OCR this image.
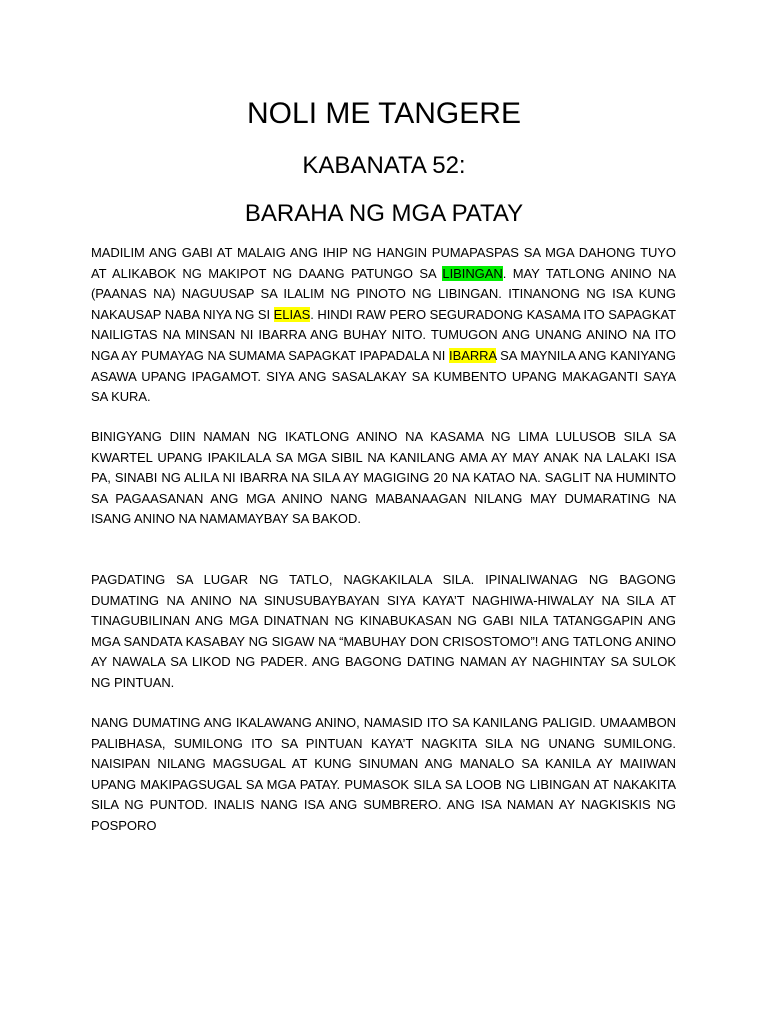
NOLI ME TANGERE
KABANATA 52:
BARAHA NG MGA PATAY

MADILIM ANG GABI AT MALAIG ANG IHIP NG HANGIN PUMAPASPAS SA MGA DAHONG TUYO AT ALIKABOK NG MAKIPOT NG DAANG PATUNGO SA LIBINGAN. MAY TATLONG ANINO NA (PAANAS NA) NAGUUSAP SA ILALIM NG PINOTO NG LIBINGAN. ITINANONG NG ISA KUNG NAKAUSAP NABA NIYA NG SI ELIAS. HINDI RAW PERO SEGURADONG KASAMA ITO SAPAGKAT NAILIGTAS NA MINSAN NI IBARRA ANG BUHAY NITO. TUMUGON ANG UNANG ANINO NA ITO NGA AY PUMAYAG NA SUMAMA SAPAGKAT IPAPADALA NI IBARRA SA MAYNILA ANG KANIYANG ASAWA UPANG IPAGAMOT. SIYA ANG SASALAKAY SA KUMBENTO UPANG MAKAGANTI SAYA SA KURA.

BINIGYANG DIIN NAMAN NG IKATLONG ANINO NA KASAMA NG LIMA LULUSOB SILA SA KWARTEL UPANG IPAKILALA SA MGA SIBIL NA KANILANG AMA AY MAY ANAK NA LALAKI ISA PA, SINABI NG ALILA NI IBARRA NA SILA AY MAGIGING 20 NA KATAO NA. SAGLIT NA HUMINTO SA PAGAASANAN ANG MGA ANINO NANG MABANAAGAN NILANG MAY DUMARATING NA ISANG ANINO NA NAMAMAYBAY SA BAKOD.

PAGDATING SA LUGAR NG TATLO, NAGKAKILALA SILA. IPINALIWANAG NG BAGONG DUMATING NA ANINO NA SINUSUBAYBAYAN SIYA KAYA’T NAGHIWA-HIWALAY NA SILA AT TINAGUBILINAN ANG MGA DINATNAN NG KINABUKASAN NG GABI NILA TATANGGAPIN ANG MGA SANDATA KASABAY NG SIGAW NA “MABUHAY DON CRISOSTOMO”! ANG TATLONG ANINO AY NAWALA SA LIKOD NG PADER. ANG BAGONG DATING NAMAN AY NAGHINTAY SA SULOK NG PINTUAN.

NANG DUMATING ANG IKALAWANG ANINO, NAMASID ITO SA KANILANG PALIGID. UMAAMBON PALIBHASA, SUMILONG ITO SA PINTUAN KAYA’T NAGKITA SILA NG UNANG SUMILONG. NAISIPAN NILANG MAGSUGAL AT KUNG SINUMAN ANG MANALO SA KANILA AY MAIIWAN UPANG MAKIPAGSUGAL SA MGA PATAY. PUMASOK SILA SA LOOB NG LIBINGAN AT NAKAKITA SILA NG PUNTOD. INALIS NANG ISA ANG SUMBRERO. ANG ISA NAMAN AY NAGKISKIS NG POSPORO
